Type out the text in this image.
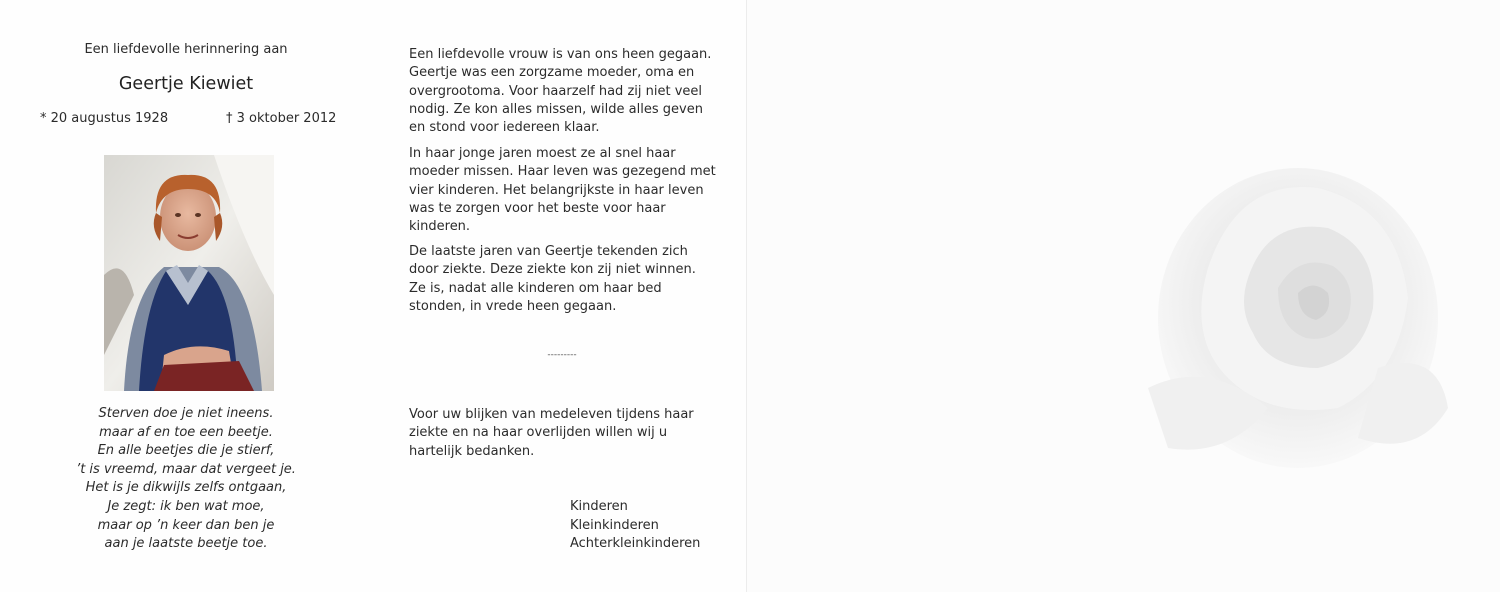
Een liefdevolle herinnering aan
Geertje Kiewiet
* 20 augustus 1928	† 3 oktober 2012
Sterven doe je niet ineens.
maar af en toe een beetje.
En alle beetjes die je stierf,
’t is vreemd, maar dat vergeet je.
Het is je dikwijls zelfs ontgaan,
Je zegt: ik ben wat moe,
maar op ’n keer dan ben je
aan je laatste beetje toe.
Een liefdevolle vrouw is van ons heen gegaan.
Geertje was een zorgzame moeder, oma en
overgrootoma. Voor haarzelf had zij niet veel
nodig. Ze kon alles missen, wilde alles geven
en stond voor iedereen klaar.
In haar jonge jaren moest ze al snel haar
moeder missen. Haar leven was gezegend met
vier kinderen. Het belangrijkste in haar leven
was te zorgen voor het beste voor haar
kinderen.
De laatste jaren van Geertje tekenden zich
door ziekte. Deze ziekte kon zij niet winnen.
Ze is, nadat alle kinderen om haar bed
stonden, in vrede heen gegaan.
---------
Voor uw blijken van medeleven tijdens haar
ziekte en na haar overlijden willen wij u
hartelijk bedanken.
Kinderen
Kleinkinderen
Achterkleinkinderen
